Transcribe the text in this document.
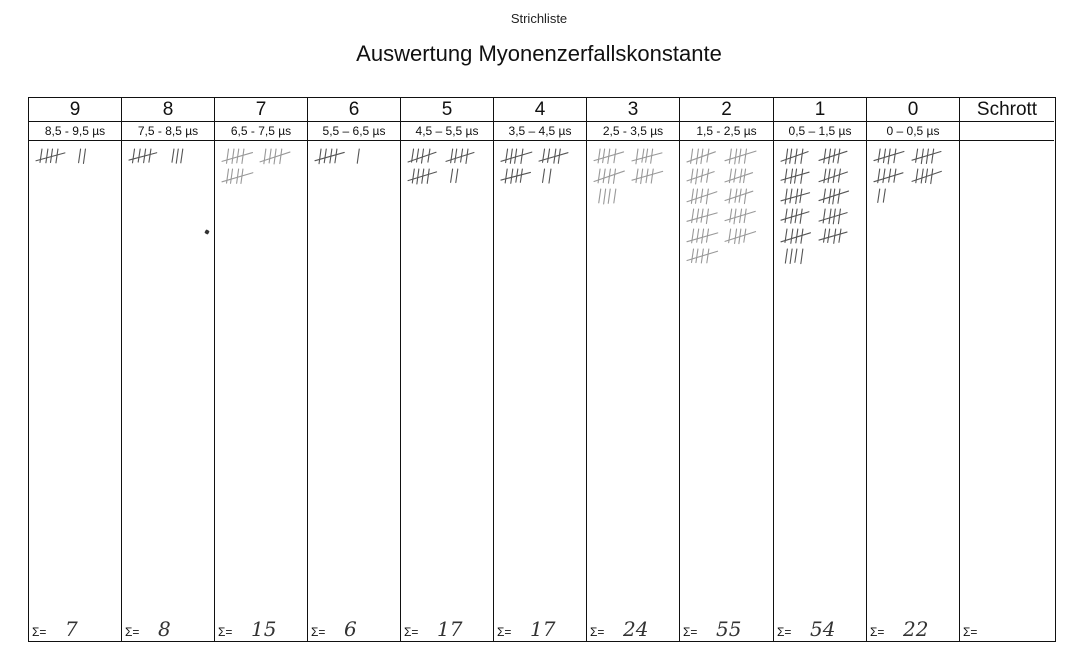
Strichliste
Auswertung Myonenzerfallskonstante
9
8,5 - 9,5 µs
Σ= 7
8
7,5 - 8,5 µs
Σ= 8
7
6,5 - 7,5 µs
Σ= 15
6
5,5 – 6,5 µs
Σ= 6
5
4,5 – 5,5 µs
Σ= 17
4
3,5 – 4,5 µs
Σ= 17
3
2,5 - 3,5 µs
Σ= 24
2
1,5 - 2,5 µs
Σ= 55
1
0,5 – 1,5 µs
Σ= 54
0
0 – 0,5 µs
Σ= 22
Schrott
Σ=
